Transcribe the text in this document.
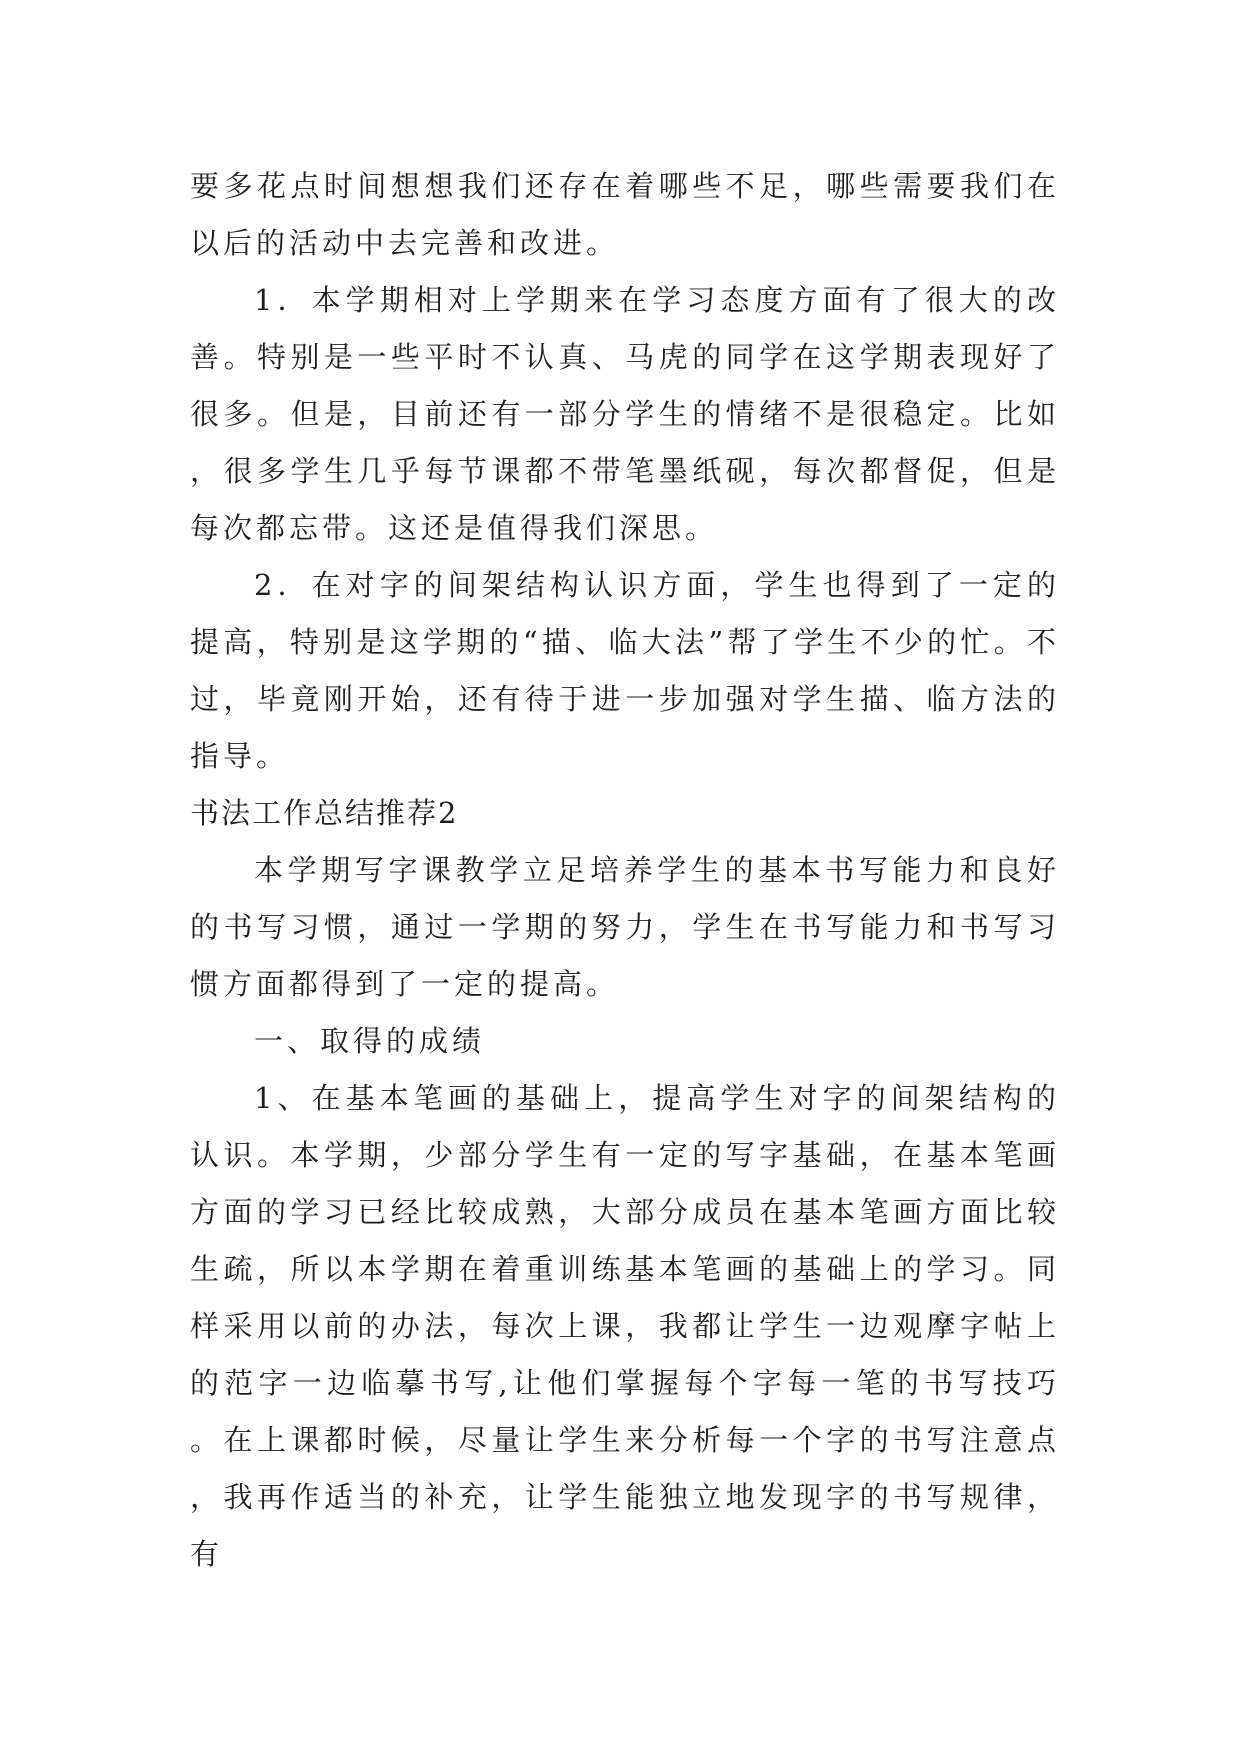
要多花点时间想想我们还存在着哪些不足，哪些需要我们在以后的活动中去完善和改进。

1．本学期相对上学期来在学习态度方面有了很大的改善。特别是一些平时不认真、马虎的同学在这学期表现好了很多。但是，目前还有一部分学生的情绪不是很稳定。比如，很多学生几乎每节课都不带笔墨纸砚，每次都督促，但是每次都忘带。这还是值得我们深思。

2．在对字的间架结构认识方面，学生也得到了一定的提高，特别是这学期的“描、临大法”帮了学生不少的忙。不过，毕竟刚开始，还有待于进一步加强对学生描、临方法的指导。

书法工作总结推荐2

本学期写字课教学立足培养学生的基本书写能力和良好的书写习惯，通过一学期的努力，学生在书写能力和书写习惯方面都得到了一定的提高。

一、取得的成绩

1、在基本笔画的基础上，提高学生对字的间架结构的认识。本学期，少部分学生有一定的写字基础，在基本笔画方面的学习已经比较成熟，大部分成员在基本笔画方面比较生疏，所以本学期在着重训练基本笔画的基础上的学习。同样采用以前的办法，每次上课，我都让学生一边观摩字帖上的范字一边临摹书写,让他们掌握每个字每一笔的书写技巧。在上课都时候，尽量让学生来分析每一个字的书写注意点，我再作适当的补充，让学生能独立地发现字的书写规律，有
